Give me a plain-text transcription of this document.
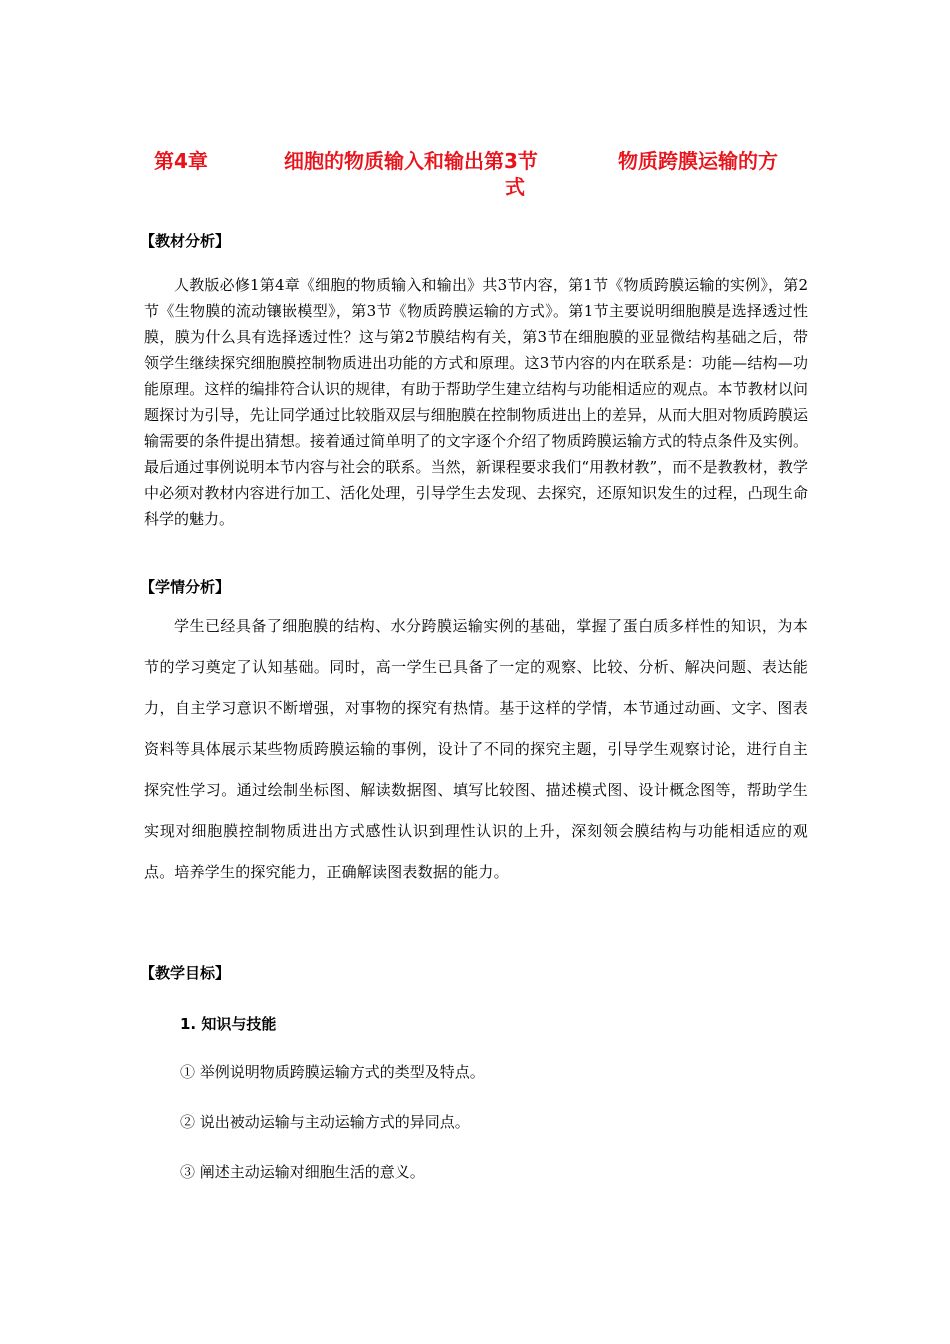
第4章	细胞的物质输入和输出第3节	物质跨膜运输的方
式
【教材分析】

人教版必修1第4章《细胞的物质输入和输出》共3节内容，第1节《物质跨膜运输的实例》，第2节《生物膜的流动镶嵌模型》，第3节《物质跨膜运输的方式》。第1节主要说明细胞膜是选择透过性膜，膜为什么具有选择透过性？这与第2节膜结构有关，第3节在细胞膜的亚显微结构基础之后，带领学生继续探究细胞膜控制物质进出功能的方式和原理。这3节内容的内在联系是：功能—结构—功能原理。这样的编排符合认识的规律，有助于帮助学生建立结构与功能相适应的观点。本节教材以问题探讨为引导，先让同学通过比较脂双层与细胞膜在控制物质进出上的差异，从而大胆对物质跨膜运输需要的条件提出猜想。接着通过简单明了的文字逐个介绍了物质跨膜运输方式的特点条件及实例。最后通过事例说明本节内容与社会的联系。当然，新课程要求我们“用教材教”，而不是教教材，教学中必须对教材内容进行加工、活化处理，引导学生去发现、去探究，还原知识发生的过程，凸现生命科学的魅力。

【学情分析】

学生已经具备了细胞膜的结构、水分跨膜运输实例的基础，掌握了蛋白质多样性的知识，为本节的学习奠定了认知基础。同时，高一学生已具备了一定的观察、比较、分析、解决问题、表达能力，自主学习意识不断增强，对事物的探究有热情。基于这样的学情，本节通过动画、文字、图表资料等具体展示某些物质跨膜运输的事例，设计了不同的探究主题，引导学生观察讨论，进行自主探究性学习。通过绘制坐标图、解读数据图、填写比较图、描述模式图、设计概念图等，帮助学生实现对细胞膜控制物质进出方式感性认识到理性认识的上升，深刻领会膜结构与功能相适应的观点。培养学生的探究能力，正确解读图表数据的能力。

【教学目标】
1. 知识与技能
① 举例说明物质跨膜运输方式的类型及特点。
② 说出被动运输与主动运输方式的异同点。
③ 阐述主动运输对细胞生活的意义。
